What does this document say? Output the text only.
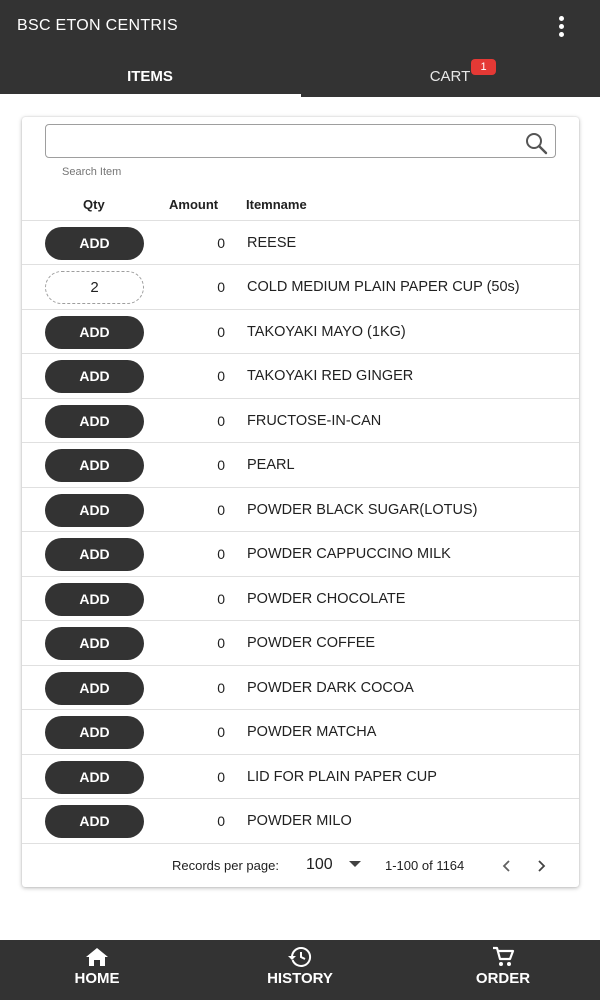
BSC ETON CENTRIS
ITEMS	CART
1
Search Item
Qty	Amount Itemname
ADD	0 REESE
2	0 COLD MEDIUM PLAIN PAPER CUP (50s)
ADD	0 TAKOYAKI MAYO (1KG)
ADD	0 TAKOYAKI RED GINGER
ADD	0 FRUCTOSE-IN-CAN
ADD	0 PEARL
ADD	0 POWDER BLACK SUGAR(LOTUS)
ADD	0 POWDER CAPPUCCINO MILK
ADD	0 POWDER CHOCOLATE
ADD	0 POWDER COFFEE
ADD	0 POWDER DARK COCOA
ADD	0 POWDER MATCHA
ADD	0 LID FOR PLAIN PAPER CUP
ADD	0 POWDER MILO
Records per page: 100	1-100 of 1164
HOME	HISTORY	ORDER
